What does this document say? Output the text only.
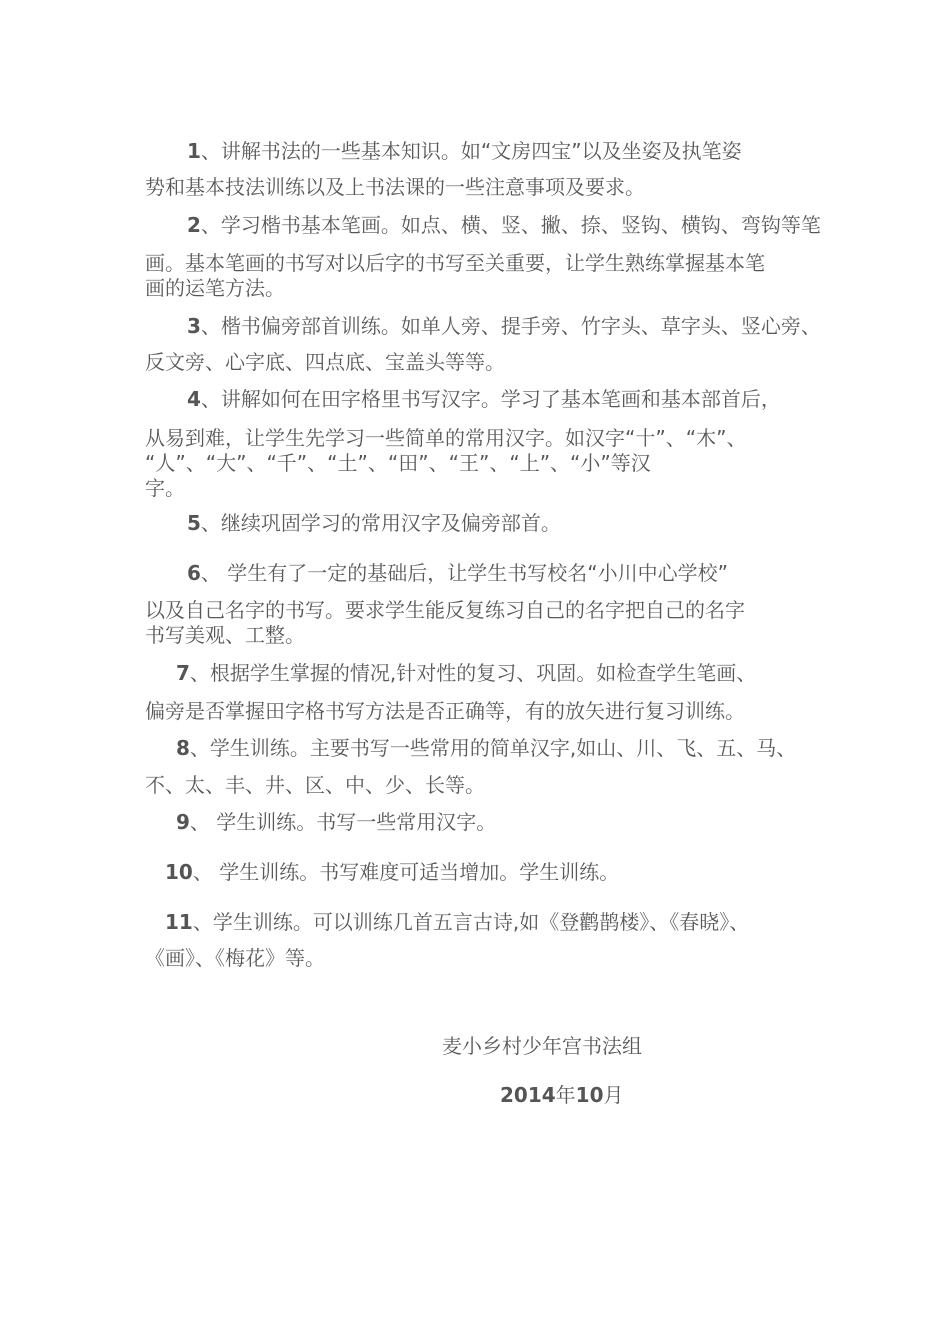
1、讲解书法的一些基本知识。如“文房四宝”以及坐姿及执笔姿
势和基本技法训练以及上书法课的一些注意事项及要求。
2、学习楷书基本笔画。如点、横、竖、撇、捺、竖钩、横钩、弯钩等笔
画。基本笔画的书写对以后字的书写至关重要，让学生熟练掌握基本笔
画的运笔方法。
3、楷书偏旁部首训练。如单人旁、提手旁、竹字头、草字头、竖心旁、
反文旁、心字底、四点底、宝盖头等等。
4、讲解如何在田字格里书写汉字。学习了基本笔画和基本部首后，
从易到难，让学生先学习一些简单的常用汉字。如汉字“十”、“木”、
“人”、“大”、“千”、“土”、“田”、“王”、“上”、“小”等汉
字。
5、继续巩固学习的常用汉字及偏旁部首。
6、 学生有了一定的基础后，让学生书写校名“小川中心学校”
以及自己名字的书写。要求学生能反复练习自己的名字把自己的名字
书写美观、工整。
7、根据学生掌握的情况,针对性的复习、巩固。如检查学生笔画、
偏旁是否掌握田字格书写方法是否正确等，有的放矢进行复习训练。
8、学生训练。主要书写一些常用的简单汉字,如山、川、飞、五、马、
不、太、丰、井、区、中、少、长等。
9、 学生训练。书写一些常用汉字。
10、 学生训练。书写难度可适当增加。学生训练。
11、学生训练。可以训练几首五言古诗,如《登鹳鹊楼》、《春晓》、
《画》、《梅花》等。
麦小乡村少年宫书法组
2014年10月
